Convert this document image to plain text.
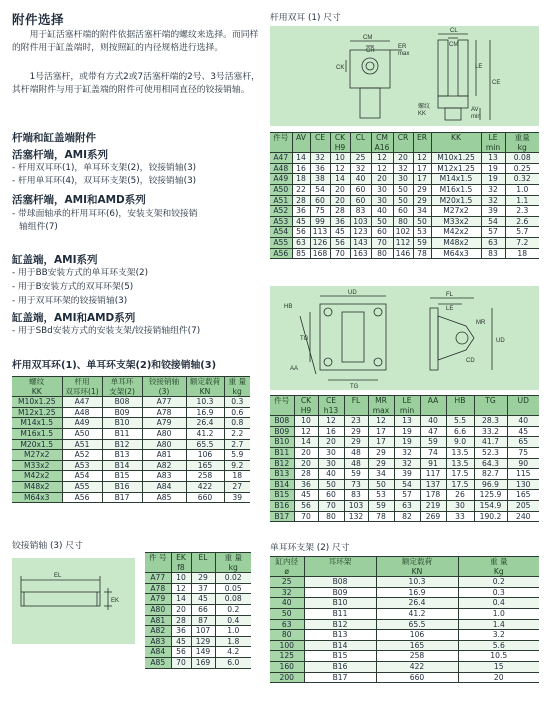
附件选择
用于缸活塞杆端的附件依据活塞杆端的螺纹来选择。而同样的附件用于缸盖端时，则按照缸的内径规格进行选择。
1号活塞杆，或带有方式2或7活塞杆端的2号、3号活塞杆，其杆端附件与用于缸盖端的附件可使用相同直径的铰接销轴。
杆端和缸盖端附件
活塞杆端，AMI系列
- 杆用双耳环(1)，单耳环支架(2)，铰接销轴(3)
- 杆用单耳环(4)，双耳环支架(5)，铰接销轴(3)
活塞杆端，AMI和AMD系列
- 带球面轴承的杆用耳环(6)，安装支架和铰接销
轴组件(7)
缸盖端，AMI系列
- 用于BB安装方式的单耳环支架(2)
- 用于B安装方式的双耳环架(5)
- 用于双耳环架的铰接销轴(3)
缸盖端，AMI和AMD系列
- 用于SBd安装方式的安装支架/铰接销轴组件(7)
杆用双耳环(1)、单耳环支架(2)和铰接销轴(3)
螺纹	杆用	单耳环	铰接销轴	额定载荷	重 量
KK	双耳环(1)	支架(2)	(3)	KN	kg
M10x1.25	A47	B08	A77	10.3	0.3
M12x1.25	A48	B09	A78	16.9	0.6
M14x1.5	A49	B10	A79	26.4	0.8
M16x1.5	A50	B11	A80	41.2	2.2
M20x1.5	A51	B12	A80	65.5	2.7
M27x2	A52	B13	A81	106	5.9
M33x2	A53	B14	A82	165	9.2
M42x2	A54	B15	A83	258	18
M48x2	A55	B16	A84	422	27
M64x3	A56	B17	A85	660	39
铰接销轴 (3) 尺寸
EL
EK
件 号	EK	EL	重 量
	f8		kg
A77	10	29	0.02
A78	12	37	0.05
A79	14	45	0.08
A80	20	66	0.2
A81	28	87	0.4
A82	36	107	1.0
A83	45	129	1.8
A84	56	149	4.2
A85	70	169	6.0
杆用双耳 (1) 尺寸
CM
CR
ER
max
CK
CL
CM
LE
CE
螺纹
KK
AV
min
件号	AV	CE	CK	CL	CM	CR	ER	KK	LE	重量
			H9		A16				min	kg
A47	14	32	10	25	12	20	12	M10x1.25	13	0.08
A48	16	36	12	32	12	32	17	M12x1.25	19	0.25
A49	18	38	14	40	20	30	17	M14x1.5	19	0.32
A50	22	54	20	60	30	50	29	M16x1.5	32	1.0
A51	28	60	20	60	30	50	29	M20x1.5	32	1.1
A52	36	75	28	83	40	60	34	M27x2	39	2.3
A53	45	99	36	103	50	80	50	M33x2	54	2.6
A54	56	113	45	123	60	102	53	M42x2	57	5.7
A55	63	126	56	143	70	112	59	M48x2	63	7.2
A56	85	168	70	163	80	146	78	M64x3	83	18
UD
HB
TG
AA
TG
FL
LE
MR
CD
UD
件号	CK	CE	FL	MR	LE	AA	HB	TG	UD
	H9	h13		max	min				
B08	10	12	23	12	13	40	5.5	28.3	40
B09	12	16	29	17	19	47	6.6	33.2	45
B10	14	20	29	17	19	59	9.0	41.7	65
B11	20	30	48	29	32	74	13.5	52.3	75
B12	20	30	48	29	32	91	13.5	64.3	90
B13	28	40	59	34	39	117	17.5	82.7	115
B14	36	50	73	50	54	137	17.5	96.9	130
B15	45	60	83	53	57	178	26	125.9	165
B16	56	70	103	59	63	219	30	154.9	205
B17	70	80	132	78	82	269	33	190.2	240
单耳环支架 (2) 尺寸
缸内径	耳环架	额定载荷	重 量
ø		KN	Kg
25	B08	10.3	0.2
32	B09	16.9	0.3
40	B10	26.4	0.4
50	B11	41.2	1.0
63	B12	65.5	1.4
80	B13	106	3.2
100	B14	165	5.6
125	B15	258	10.5
160	B16	422	15
200	B17	660	20
